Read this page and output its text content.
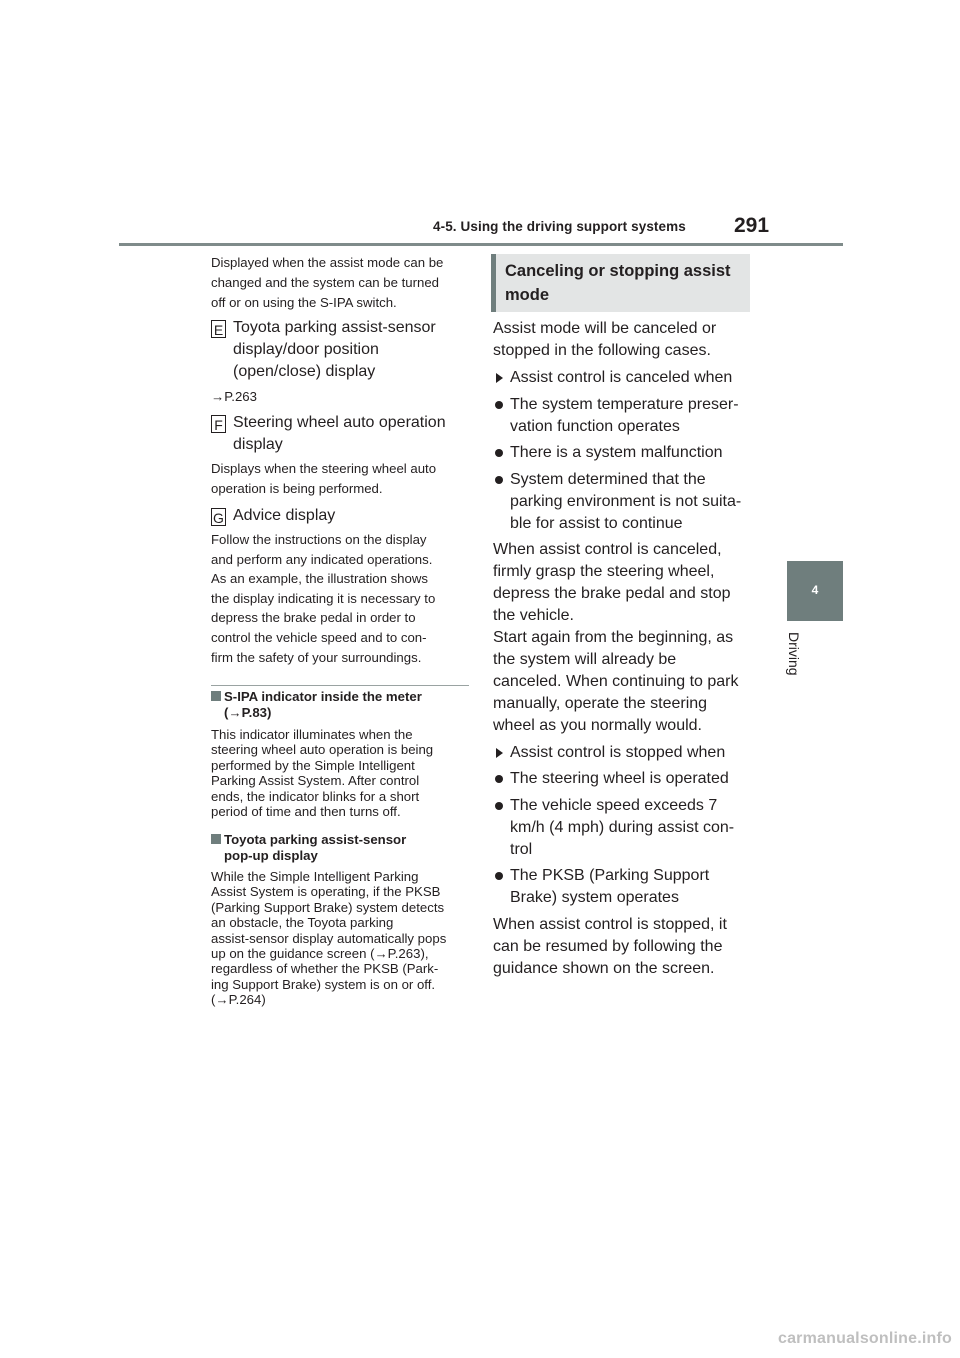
4-5. Using the driving support systems 291
4
Driving
Displayed when the assist mode can be
changed and the system can be turned
off or on using the S-IPA switch.
E Toyota parking assist-sensor
display/door position
(open/close) display
→P.263
F Steering wheel auto operation
display
Displays when the steering wheel auto
operation is being performed.
G Advice display
Follow the instructions on the display
and perform any indicated operations.
As an example, the illustration shows
the display indicating it is necessary to
depress the brake pedal in order to
control the vehicle speed and to con-
firm the safety of your surroundings.
S-IPA indicator inside the meter
(→P.83)
This indicator illuminates when the
steering wheel auto operation is being
performed by the Simple Intelligent
Parking Assist System. After control
ends, the indicator blinks for a short
period of time and then turns off.
Toyota parking assist-sensor
pop-up display
While the Simple Intelligent Parking
Assist System is operating, if the PKSB
(Parking Support Brake) system detects
an obstacle, the Toyota parking
assist-sensor display automatically pops
up on the guidance screen (→P.263),
regardless of whether the PKSB (Park-
ing Support Brake) system is on or off.
(→P.264)
Canceling or stopping assist
mode
Assist mode will be canceled or
stopped in the following cases.
Assist control is canceled when
The system temperature preser-
vation function operates
There is a system malfunction
System determined that the
parking environment is not suita-
ble for assist to continue
When assist control is canceled,
firmly grasp the steering wheel,
depress the brake pedal and stop
the vehicle.
Start again from the beginning, as
the system will already be
canceled. When continuing to park
manually, operate the steering
wheel as you normally would.
Assist control is stopped when
The steering wheel is operated
The vehicle speed exceeds 7
km/h (4 mph) during assist con-
trol
The PKSB (Parking Support
Brake) system operates
When assist control is stopped, it
can be resumed by following the
guidance shown on the screen.
carmanualsonline.info
